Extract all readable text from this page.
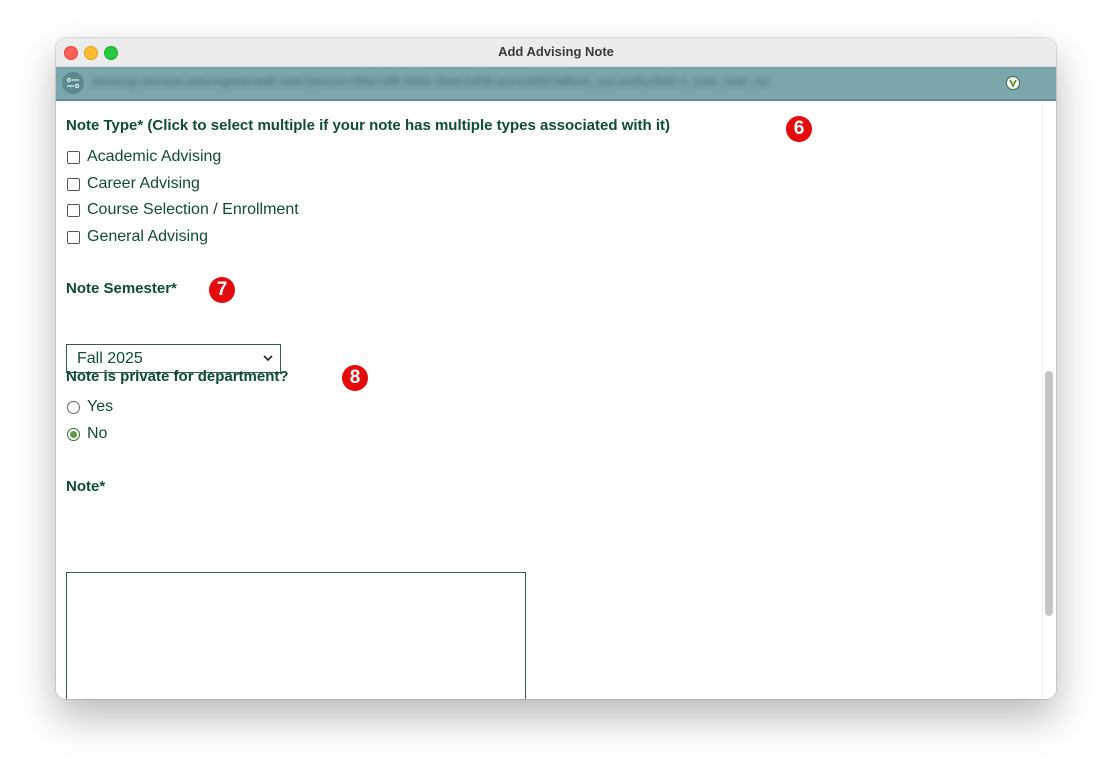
Add Advising Note
advising.clemson.edu/register/add-note?person=0f4e7af8-5006-40a0-b308-ace3cb5b7ddform_sys.entity.field=c_note_user_rec
Note Type* (Click to select multiple if your note has multiple types associated with it)	6
Academic Advising
Career Advising
Course Selection / Enrollment
General Advising
Note Semester*	7
Fall 2025
Note is private for department?	8
Yes
No
Note*
